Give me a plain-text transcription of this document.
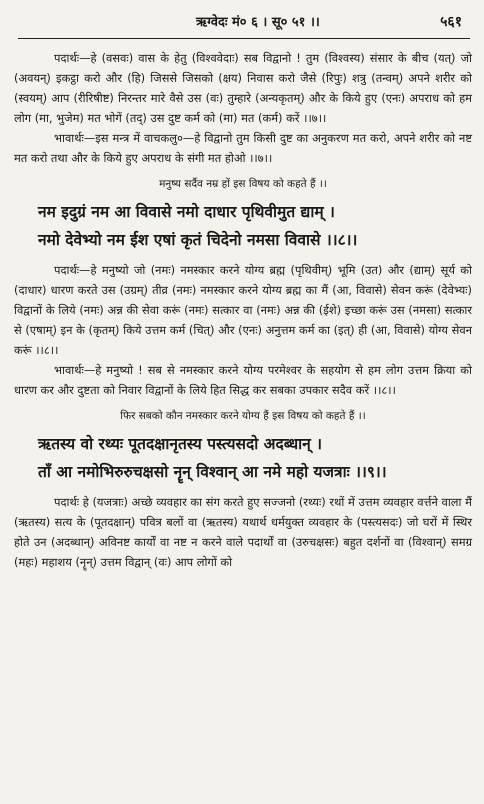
ऋग्वेदः मं० ६ । सू० ५१ ।।	५६१

पदार्थः—हे (वसवः) वास के हेतु (विश्ववेदाः) सब विद्वानो ! तुम (विश्वस्य) संसार के बीच (यत्) जो (अवयन्) इकट्ठा करो और (हि) जिससे जिसको (क्षय) निवास करो जैसे (रिपुः) शत्रु (तन्वम्) अपने शरीर को (स्वयम्) आप (रीरिषीष्ट) निरन्तर मारे वैसे उस (वः) तुम्हारे (अन्यकृतम्) और के किये हुए (एनः) अपराध को हम लोग (मा, भुजेम) मत भोगें (तद्) उस दुष्ट कर्म को (मा) मत (कर्म) करें ।।७।।

भावार्थः—इस मन्त्र में वाचकलु०—हे विद्वानो तुम किसी दुष्ट का अनुकरण मत करो, अपने शरीर को नष्ट मत करो तथा और के किये हुए अपराध के संगी मत होओ ।।७।।

मनुष्य सर्दैव नम्र हों इस विषय को कहते हैं ।।
नम इदुग्रं नम आ विवासे नमो दाधार पृथिवीमुत द्याम् ।
नमो देवेभ्यो नम ईश एषां कृतं चिदेनो नमसा विवासे ।।८।।

पदार्थः—हे मनुष्यो जो (नमः) नमस्कार करने योग्य ब्रह्म (पृथिवीम्) भूमि (उत) और (द्याम्) सूर्य को (दाधार) धारण करते उस (उग्रम्) तीव्र (नमः) नमस्कार करने योग्य ब्रह्म का मैं (आ, विवासे) सेवन करूं (देवेभ्यः) विद्वानों के लिये (नमः) अन्न की सेवा करूं (नमः) सत्कार वा (नमः) अन्न की (ईशे) इच्छा करूं उस (नमसा) सत्कार से (एषाम्) इन के (कृतम्) किये उत्तम कर्म (चित्) और (एनः) अनुत्तम कर्म का (इत्) ही (आ, विवासे) योग्य सेवन करूं ।।८।।

भावार्थः—हे मनुष्यो ! सब से नमस्कार करने योग्य परमेश्वर के सहयोग से हम लोग उत्तम क्रिया को धारण कर और दुष्टता को निवार विद्वानों के लिये हित सिद्ध कर सबका उपकार सदैव करें ।।८।।

फिर सबको कौन नमस्कार करने योग्य हैं इस विषय को कहते हैं ।।
ऋतस्य वो रथ्यः पूतदक्षानृतस्य पस्त्यसदो अदब्धान् ।
ताँ आ नमोभिरुरुचक्षसो नॄन् विश्वान् आ नमे महो यजत्राः ।।९।।

पदार्थः हे (यजत्राः) अच्छे व्यवहार का संग करते हुए सज्जनो (रथ्यः) रथों में उत्तम व्यवहार वर्त्तने वाला मैं (ऋतस्य) सत्य के (पूतदक्षान्) पवित्र बलों वा (ऋतस्य) यथार्थ धर्मयुक्त व्यवहार के (पस्त्यसदः) जो घरों में स्थिर होते उन (अदब्धान्) अविनष्ट कार्यों वा नष्ट न करने वाले पदार्थों वा (उरुचक्षसः) बहुत दर्शनों वा (विश्वान्) समग्र (महः) महाशय (नॄन्) उत्तम विद्वान् (वः) आप लोगों को
